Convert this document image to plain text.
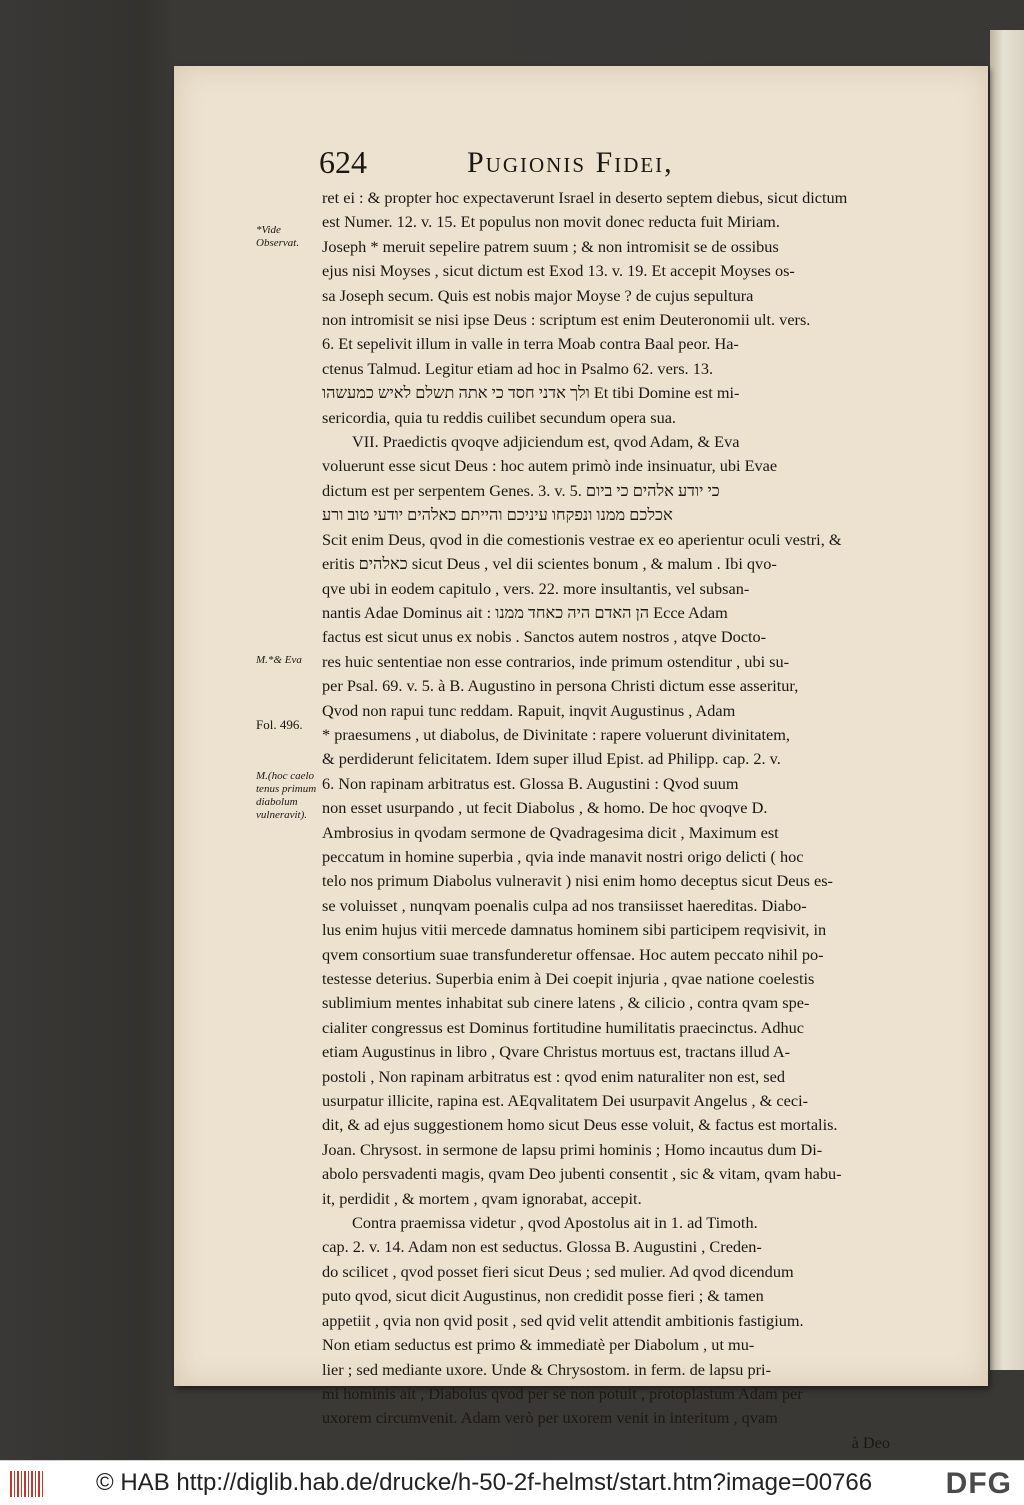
624	Pugionis Fidei,
*Vide Observat.
M.*& Eva
Fol. 496.
M.(hoc caelo tenus primum diabolum vulneravit).
ret ei : & propter hoc expectaverunt Israel in deserto septem diebus, sicut dictum
est Numer. 12. v. 15. Et populus non movit donec reducta fuit Miriam.
Joseph * meruit sepelire patrem suum ; & non intromisit se de ossibus
ejus nisi Moyses , sicut dictum est Exod 13. v. 19. Et accepit Moyses os-
sa Joseph secum. Quis est nobis major Moyse ? de cujus sepultura
non intromisit se nisi ipse Deus : scriptum est enim Deuteronomii ult. vers.
6. Et sepelivit illum in valle in terra Moab contra Baal peor. Ha-
ctenus Talmud. Legitur etiam ad hoc in Psalmo 62. vers. 13.
ולך אדני חסד כי אתה תשלם לאיש כמעשהו Et tibi Domine est mi-
sericordia, quia tu reddis cuilibet secundum opera sua.
VII. Praedictis qvoqve adjiciendum est, qvod Adam, & Eva
voluerunt esse sicut Deus : hoc autem primò inde insinuatur, ubi Evae
dictum est per serpentem Genes. 3. v. 5. כי יודע אלהים כי ביום
אכלכם ממנו ונפקחו עיניכם והייתם כאלהים יודעי טוב ורע
Scit enim Deus, qvod in die comestionis vestrae ex eo aperientur oculi vestri, &
eritis כאלהים sicut Deus , vel dii scientes bonum , & malum . Ibi qvo-
qve ubi in eodem capitulo , vers. 22. more insultantis, vel subsan-
nantis Adae Dominus ait : הן האדם היה כאחד ממנו Ecce Adam
factus est sicut unus ex nobis . Sanctos autem nostros , atqve Docto-
res huic sententiae non esse contrarios, inde primum ostenditur , ubi su-
per Psal. 69. v. 5. à B. Augustino in persona Christi dictum esse asseritur,
Qvod non rapui tunc reddam. Rapuit, inqvit Augustinus , Adam
* praesumens , ut diabolus, de Divinitate : rapere voluerunt divinitatem,
& perdiderunt felicitatem. Idem super illud Epist. ad Philipp. cap. 2. v.
6. Non rapinam arbitratus est. Glossa B. Augustini : Qvod suum
non esset usurpando , ut fecit Diabolus , & homo. De hoc qvoqve D.
Ambrosius in qvodam sermone de Qvadragesima dicit , Maximum est
peccatum in homine superbia , qvia inde manavit nostri origo delicti ( hoc
telo nos primum Diabolus vulneravit ) nisi enim homo deceptus sicut Deus es-
se voluisset , nunqvam poenalis culpa ad nos transiisset haereditas. Diabo-
lus enim hujus vitii mercede damnatus hominem sibi participem reqvisivit, in
qvem consortium suae transfunderetur offensae. Hoc autem peccato nihil po-
testesse deterius. Superbia enim à Dei coepit injuria , qvae natione coelestis
sublimium mentes inhabitat sub cinere latens , & cilicio , contra qvam spe-
cialiter congressus est Dominus fortitudine humilitatis praecinctus. Adhuc
etiam Augustinus in libro , Qvare Christus mortuus est, tractans illud A-
postoli , Non rapinam arbitratus est : qvod enim naturaliter non est, sed
usurpatur illicite, rapina est. AEqvalitatem Dei usurpavit Angelus , & ceci-
dit, & ad ejus suggestionem homo sicut Deus esse voluit, & factus est mortalis.
Joan. Chrysost. in sermone de lapsu primi hominis ; Homo incautus dum Di-
abolo persvadenti magis, qvam Deo jubenti consentit , sic & vitam, qvam habu-
it, perdidit , & mortem , qvam ignorabat, accepit.
Contra praemissa videtur , qvod Apostolus ait in 1. ad Timoth.
cap. 2. v. 14. Adam non est seductus. Glossa B. Augustini , Creden-
do scilicet , qvod posset fieri sicut Deus ; sed mulier. Ad qvod dicendum
puto qvod, sicut dicit Augustinus, non credidit posse fieri ; & tamen
appetiit , qvia non qvid posit , sed qvid velit attendit ambitionis fastigium.
Non etiam seductus est primo & immediatè per Diabolum , ut mu-
lier ; sed mediante uxore. Unde & Chrysostom. in ferm. de lapsu pri-
mi hominis ait , Diabolus qvod per se non potuit , protoplastum Adam per
uxorem circumvenit. Adam verò per uxorem venit in interitum , qvam
à Deo
© HAB http://diglib.hab.de/drucke/h-50-2f-helmst/start.htm?image=00766 DFG
